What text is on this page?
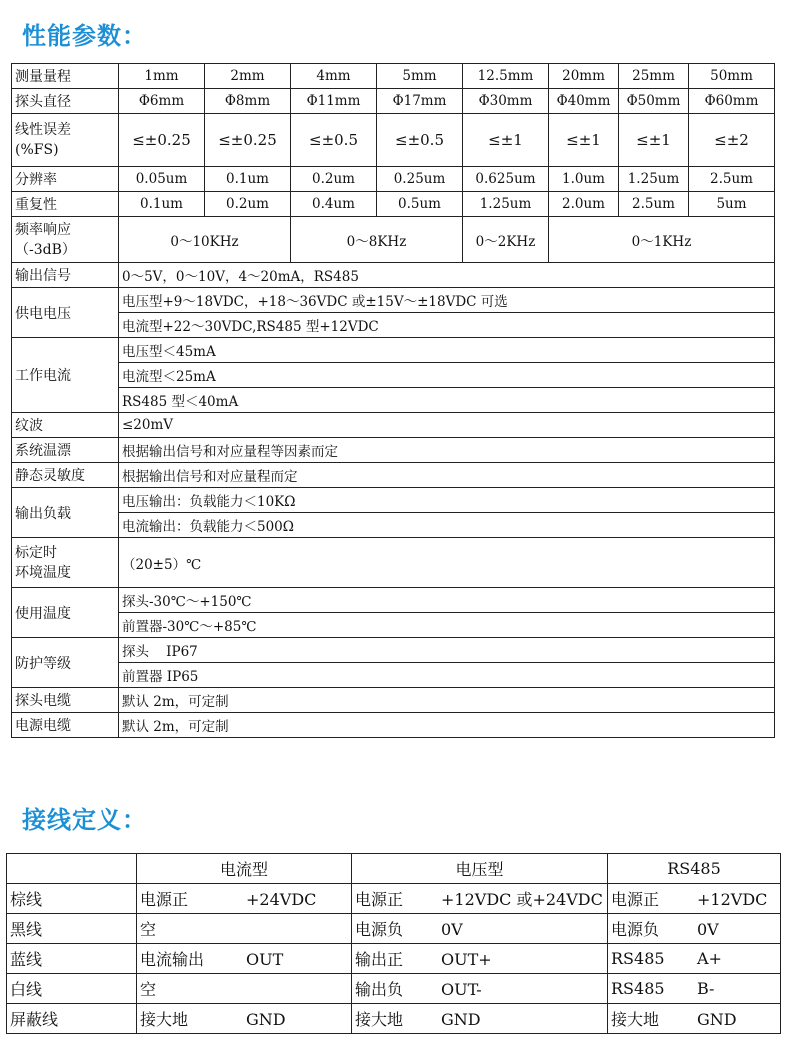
性能参数：
测量量程	1mm	2mm	4mm	5mm	12.5mm	20mm	25mm	50mm
探头直径	Φ6mm	Φ8mm	Φ11mm	Φ17mm	Φ30mm	Φ40mm	Φ50mm	Φ60mm
线性误差
(%FS)	≤±0.25	≤±0.25	≤±0.5	≤±0.5	≤±1	≤±1	≤±1	≤±2
分辨率	0.05um	0.1um	0.2um	0.25um	0.625um	1.0um	1.25um	2.5um
重复性	0.1um	0.2um	0.4um	0.5um	1.25um	2.0um	2.5um	5um
频率响应
（-3dB）	0～10KHz		0～8KHz		0～2KHz	0～1KHz		
输出信号	0～5V，0～10V，4～20mA，RS485							
供电电压	电压型+9～18VDC，+18～36VDC 或±15V～±18VDC 可选							
	电流型+22～30VDC,RS485 型+12VDC							
工作电流	电压型＜45mA							
	电流型＜25mA							
	RS485 型＜40mA							
纹波	≤20mV							
系统温漂	根据输出信号和对应量程等因素而定							
静态灵敏度	根据输出信号和对应量程而定							
输出负载	电压输出：负载能力＜10KΩ							
	电流输出：负载能力＜500Ω							
标定时
环境温度	（20±5）℃							
使用温度	探头-30℃～+150℃							
	前置器-30℃～+85℃							
防护等级	探头    IP67							
	前置器 IP65							
探头电缆	默认 2m，可定制							
电源电缆	默认 2m，可定制							
接线定义：
	电流型	电压型	RS485
棕线	电源正 +24VDC	电源正 +12VDC 或+24VDC	电源正 +12VDC
黑线	空	电源负 0V	电源负 0V
蓝线	电流输出 OUT	输出正 OUT+	RS485 A+
白线	空	输出负 OUT-	RS485 B-
屏蔽线	接大地 GND	接大地 GND	接大地 GND
